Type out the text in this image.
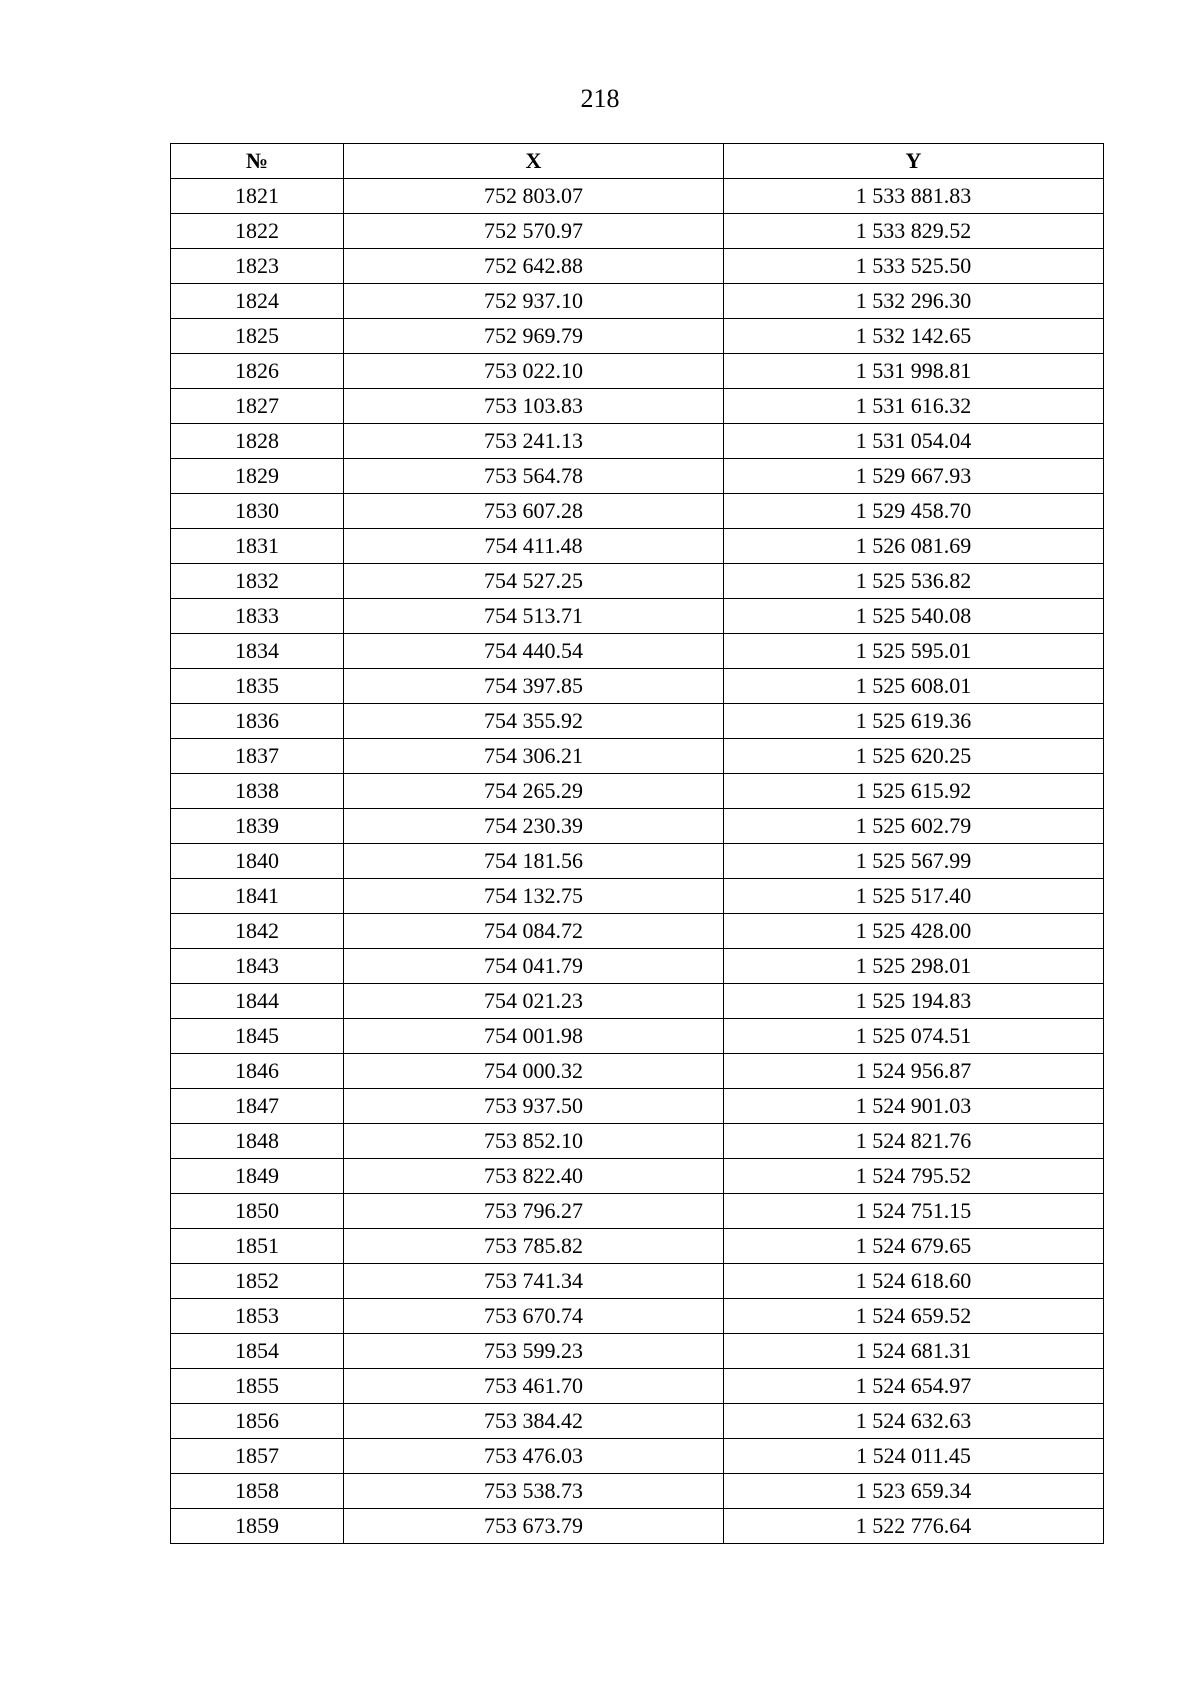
218
№	X	Y
1821	752 803.07	1 533 881.83
1822	752 570.97	1 533 829.52
1823	752 642.88	1 533 525.50
1824	752 937.10	1 532 296.30
1825	752 969.79	1 532 142.65
1826	753 022.10	1 531 998.81
1827	753 103.83	1 531 616.32
1828	753 241.13	1 531 054.04
1829	753 564.78	1 529 667.93
1830	753 607.28	1 529 458.70
1831	754 411.48	1 526 081.69
1832	754 527.25	1 525 536.82
1833	754 513.71	1 525 540.08
1834	754 440.54	1 525 595.01
1835	754 397.85	1 525 608.01
1836	754 355.92	1 525 619.36
1837	754 306.21	1 525 620.25
1838	754 265.29	1 525 615.92
1839	754 230.39	1 525 602.79
1840	754 181.56	1 525 567.99
1841	754 132.75	1 525 517.40
1842	754 084.72	1 525 428.00
1843	754 041.79	1 525 298.01
1844	754 021.23	1 525 194.83
1845	754 001.98	1 525 074.51
1846	754 000.32	1 524 956.87
1847	753 937.50	1 524 901.03
1848	753 852.10	1 524 821.76
1849	753 822.40	1 524 795.52
1850	753 796.27	1 524 751.15
1851	753 785.82	1 524 679.65
1852	753 741.34	1 524 618.60
1853	753 670.74	1 524 659.52
1854	753 599.23	1 524 681.31
1855	753 461.70	1 524 654.97
1856	753 384.42	1 524 632.63
1857	753 476.03	1 524 011.45
1858	753 538.73	1 523 659.34
1859	753 673.79	1 522 776.64
